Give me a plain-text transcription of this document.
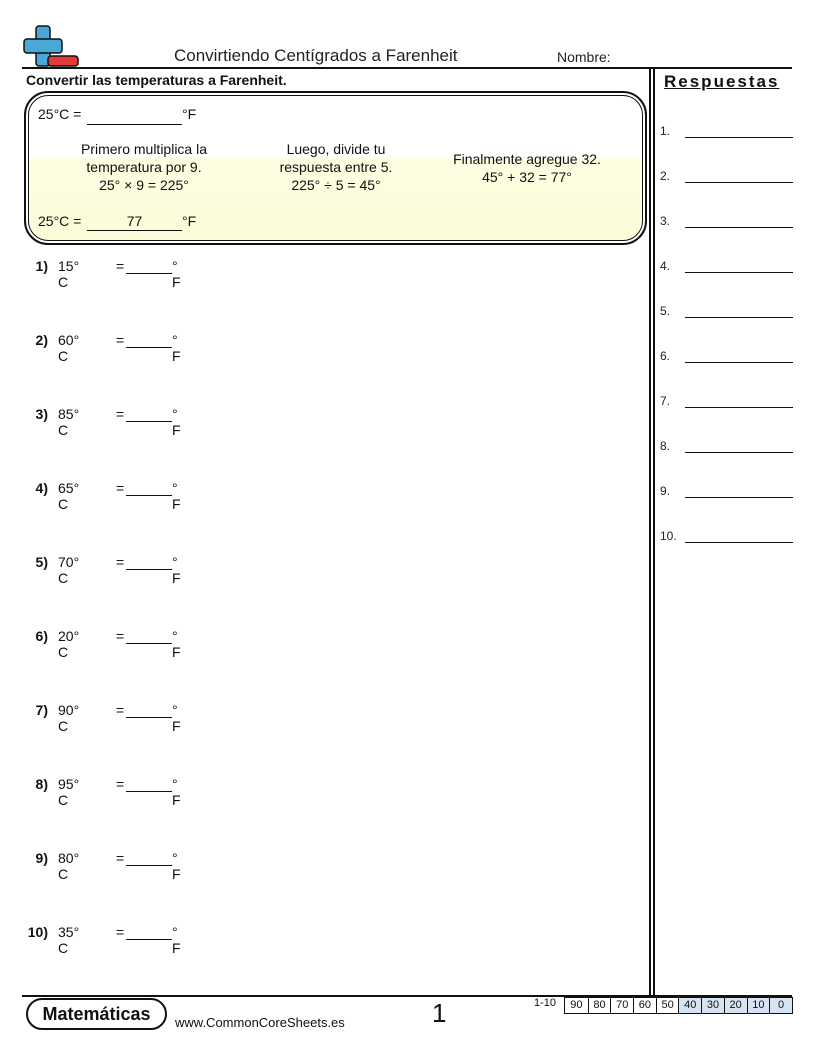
Convirtiendo Centígrados a Farenheit	Nombre:
Convertir las temperaturas a Farenheit.	Respuestas
1.
2.
3.
4.
5.
6.
7.
8.
9.
10.
25°C =	°F
Primero multiplica la
temperatura por 9.
25° × 9 = 225°
Luego, divide tu
respuesta entre 5.
225° ÷ 5 = 45°
Finalmente agregue 32.
45° + 32 = 77°
25°C =	77	°F
1) 15° C
=	° F
2) 60° C
=	° F
3) 85° C
=	° F
4) 65° C
=	° F
5) 70° C
=	° F
6) 20° C
=	° F
7) 90° C
=	° F
8) 95° C
=	° F
9) 80° C
=	° F
10) 35° C
=	° F
Matemáticas	www.CommonCoreSheets.es	1	1-10	90 80 70 60 50 40 30 20 10	0
